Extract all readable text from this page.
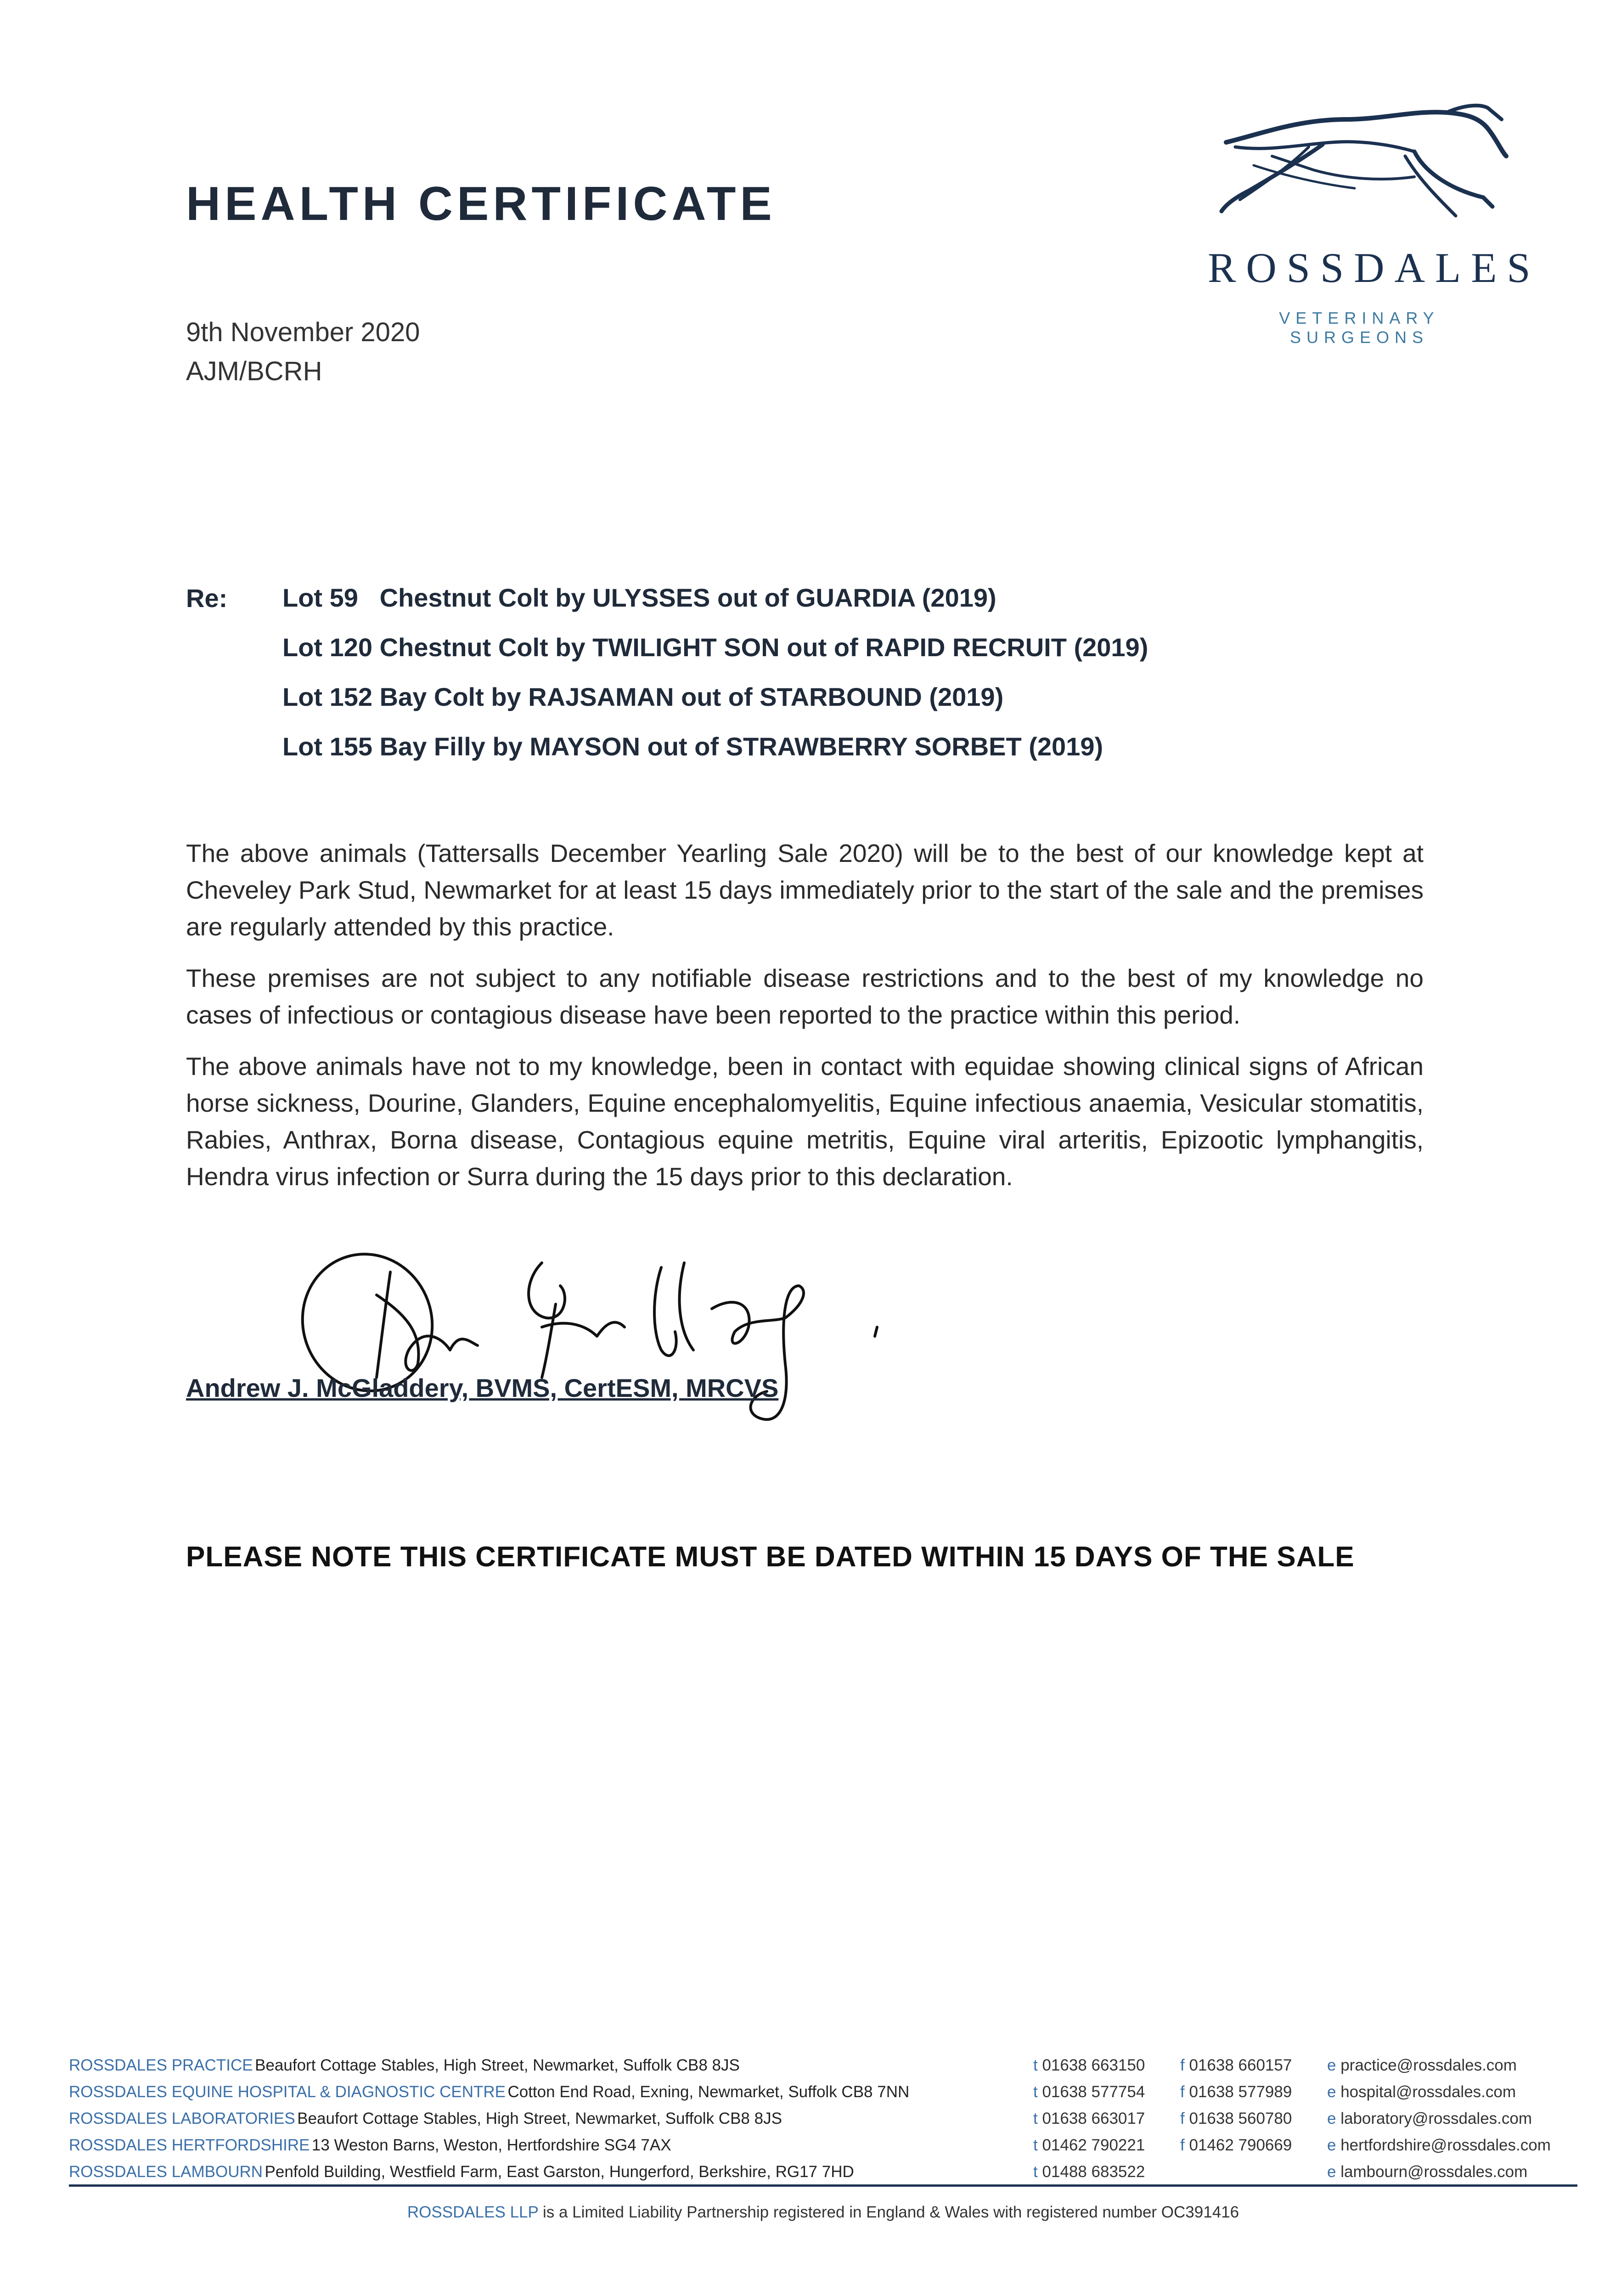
HEALTH CERTIFICATE
9th November 2020
AJM/BCRH
ROSSDALES
VETERINARY SURGEONS
Re: Lot 59   Chestnut Colt by ULYSSES out of GUARDIA (2019)
Lot 120 Chestnut Colt by TWILIGHT SON out of RAPID RECRUIT (2019)
Lot 152 Bay Colt by RAJSAMAN out of STARBOUND (2019)
Lot 155 Bay Filly by MAYSON out of STRAWBERRY SORBET (2019)

The above animals (Tattersalls December Yearling Sale 2020) will be to the best of our knowledge kept at Cheveley Park Stud, Newmarket for at least 15 days immediately prior to the start of the sale and the premises are regularly attended by this practice.

These premises are not subject to any notifiable disease restrictions and to the best of my knowledge no cases of infectious or contagious disease have been reported to the practice within this period.

The above animals have not to my knowledge, been in contact with equidae showing clinical signs of African horse sickness, Dourine, Glanders, Equine encephalomyelitis, Equine infectious anaemia, Vesicular stomatitis, Rabies, Anthrax, Borna disease, Contagious equine metritis, Equine viral arteritis, Epizootic lymphangitis, Hendra virus infection or Surra during the 15 days prior to this declaration.

Andrew J. McGladdery, BVMS, CertESM, MRCVS
PLEASE NOTE THIS CERTIFICATE MUST BE DATED WITHIN 15 DAYS OF THE SALE
ROSSDALES PRACTICE Beaufort Cottage Stables, High Street, Newmarket, Suffolk CB8 8JS	t 01638 663150 f 01638 660157 e practice@rossdales.com
ROSSDALES EQUINE HOSPITAL & DIAGNOSTIC CENTRE Cotton End Road, Exning, Newmarket, Suffolk CB8 7NN	t 01638 577754 f 01638 577989 e hospital@rossdales.com
ROSSDALES LABORATORIES Beaufort Cottage Stables, High Street, Newmarket, Suffolk CB8 8JS	t 01638 663017 f 01638 560780 e laboratory@rossdales.com
ROSSDALES HERTFORDSHIRE 13 Weston Barns, Weston, Hertfordshire SG4 7AX	t 01462 790221 f 01462 790669 e hertfordshire@rossdales.com
ROSSDALES LAMBOURN Penfold Building, Westfield Farm, East Garston, Hungerford, Berkshire, RG17 7HD	t 01488 683522	e lambourn@rossdales.com
ROSSDALES LLP is a Limited Liability Partnership registered in England & Wales with registered number OC391416
